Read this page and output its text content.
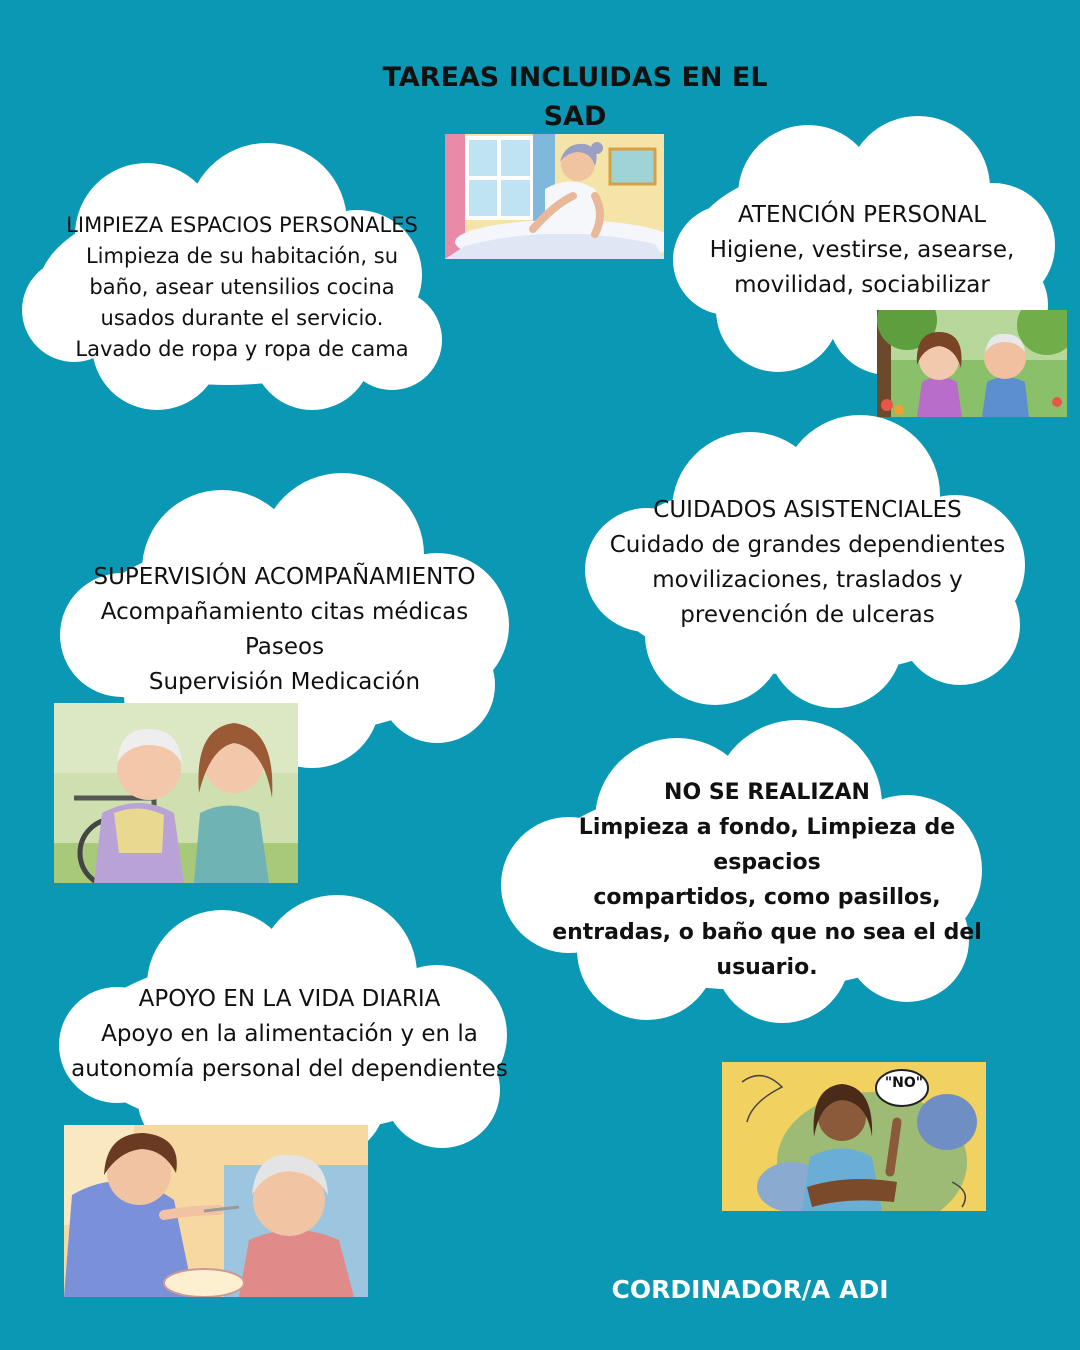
TAREAS INCLUIDAS EN EL
SAD
LIMPIEZA ESPACIOS PERSONALES
Limpieza de su habitación, su
baño, asear utensilios cocina
usados durante el servicio.
Lavado de ropa y ropa de cama
ATENCIÓN PERSONAL
Higiene, vestirse, asearse,
movilidad, sociabilizar
CUIDADOS ASISTENCIALES
Cuidado de grandes dependientes
movilizaciones, traslados y
prevención de ulceras
SUPERVISIÓN ACOMPAÑAMIENTO
Acompañamiento citas médicas
Paseos
Supervisión Medicación
NO SE REALIZAN
Limpieza a fondo, Limpieza de
espacios
compartidos, como pasillos,
entradas, o baño que no sea el del
usuario.
APOYO EN LA VIDA DIARIA
Apoyo en la alimentación y en la
autonomía personal del dependientes
"NO"
CORDINADOR/A ADI
